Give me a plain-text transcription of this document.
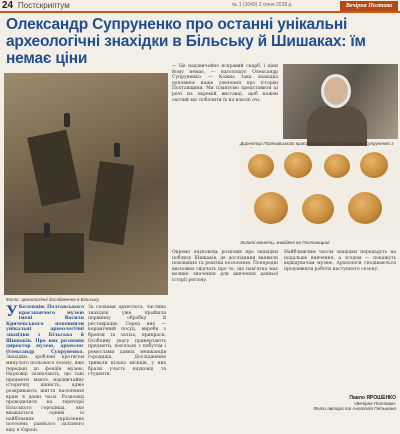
24 Постскриптум	№ 1 (1049) 2 січня 2018 р.	Вечірня Полтава
Олександр Супруненко про останні унікальні археологічні знахідки в Більську й Шишаках: їм немає ціни
Фото: археологічні дослідження в Більську.
У Колекцію Полтавського краєзнавчого музею імені Василя Кричевського поповнили унікальні археологічні знахідки з Більська й Шишаків. Про них розповів директор музею, археолог Олександр Супруненко. Знахідки, зроблені протягом минулого польового сезону, вже передані до фондів музею. Науковці зазначають, що такі предмети мають надзвичайну історичну цінність, адже розкривають життя населення краю в давні часи. Розкопки проводилися на території Більського городища, яке вважається одним із найбільших укріплених поселень раннього залізного віку в Європі.
За словами археолога, частина знахідок уже пройшла первинну обробку й реставрацію. Серед них — керамічний посуд, вироби з бронзи та заліза, прикраси. Особливу увагу привертають предмети, пов'язані з побутом і ремеслами давніх мешканців городища. Дослідження тривали кілька місяців, у них брали участь науковці та студенти.
— Це надзвичайно яскравий скарб, і ціни йому немає, — наголошує Олександр Супруненко. — Кожна така знахідка доповнює наше уявлення про історію Полтавщини. Ми плануємо представити ці речі на окремій виставці, щоб кожен охочий міг побачити їх на власні очі.
Директор Полтавського краєзнавчого музею Олександр Супруненко з
Золоті монети, знайдені на Полтавщині
Окремо науковець розповів про знахідки поблизу Шишаків, де дослідники виявили поховання та рештки поселення. Попередні висновки свідчать про те, що пам'ятка має велике значення для вивчення давньої історії регіону.
Найближчим часом знахідки передадуть на подальше вивчення, а згодом — покажуть відвідувачам музею. Археологи сподіваються продовжити роботи наступного сезону.
Павло ЯРОШЕНКО
«Вечірня Полтава»
Фото автора та Анатолія Гетьмана
